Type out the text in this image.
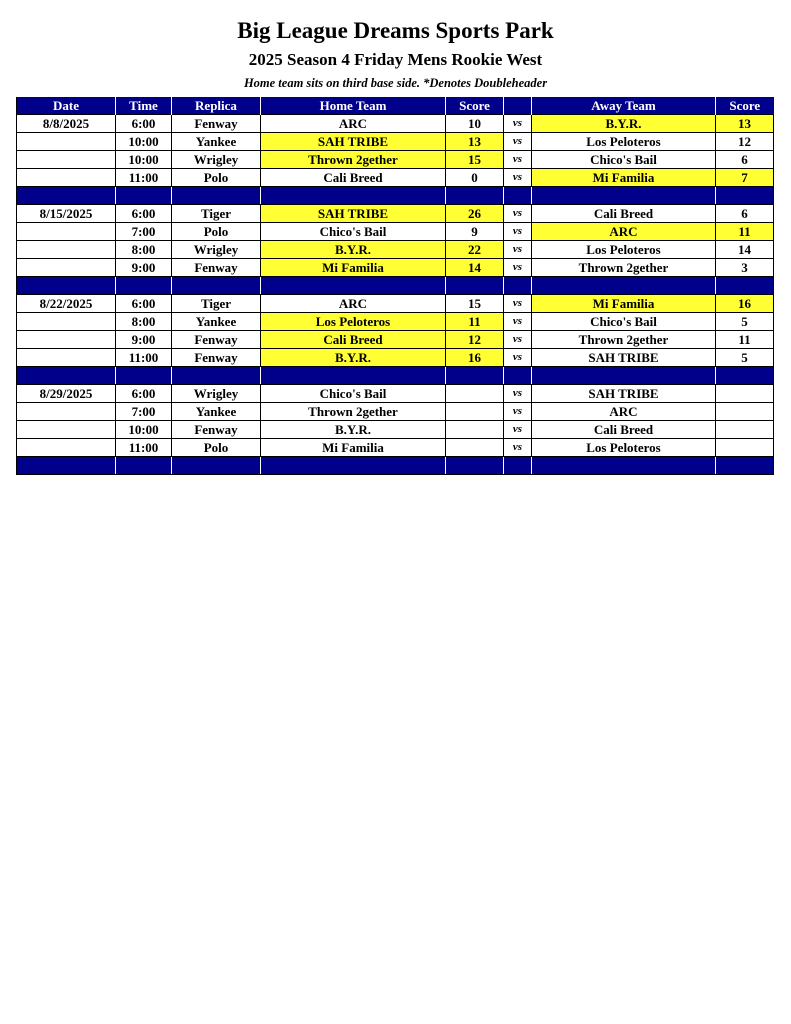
Big League Dreams Sports Park
2025 Season 4 Friday Mens Rookie West
Home team sits on third base side. *Denotes Doubleheader
Date	Time	Replica	Home Team	Score		Away Team	Score
8/8/2025	6:00	Fenway	ARC	10	vs	B.Y.R.	13
	10:00	Yankee	SAH TRIBE	13	vs	Los Peloteros	12
	10:00	Wrigley	Thrown 2gether	15	vs	Chico's Bail	6
	11:00	Polo	Cali Breed	0	vs	Mi Familia	7

8/15/2025	6:00	Tiger	SAH TRIBE	26	vs	Cali Breed	6
	7:00	Polo	Chico's Bail	9	vs	ARC	11
	8:00	Wrigley	B.Y.R.	22	vs	Los Peloteros	14
	9:00	Fenway	Mi Familia	14	vs	Thrown 2gether	3

8/22/2025	6:00	Tiger	ARC	15	vs	Mi Familia	16
	8:00	Yankee	Los Peloteros	11	vs	Chico's Bail	5
	9:00	Fenway	Cali Breed	12	vs	Thrown 2gether	11
	11:00	Fenway	B.Y.R.	16	vs	SAH TRIBE	5

8/29/2025	6:00	Wrigley	Chico's Bail		vs	SAH TRIBE	
	7:00	Yankee	Thrown 2gether		vs	ARC	
	10:00	Fenway	B.Y.R.		vs	Cali Breed	
	11:00	Polo	Mi Familia		vs	Los Peloteros	
